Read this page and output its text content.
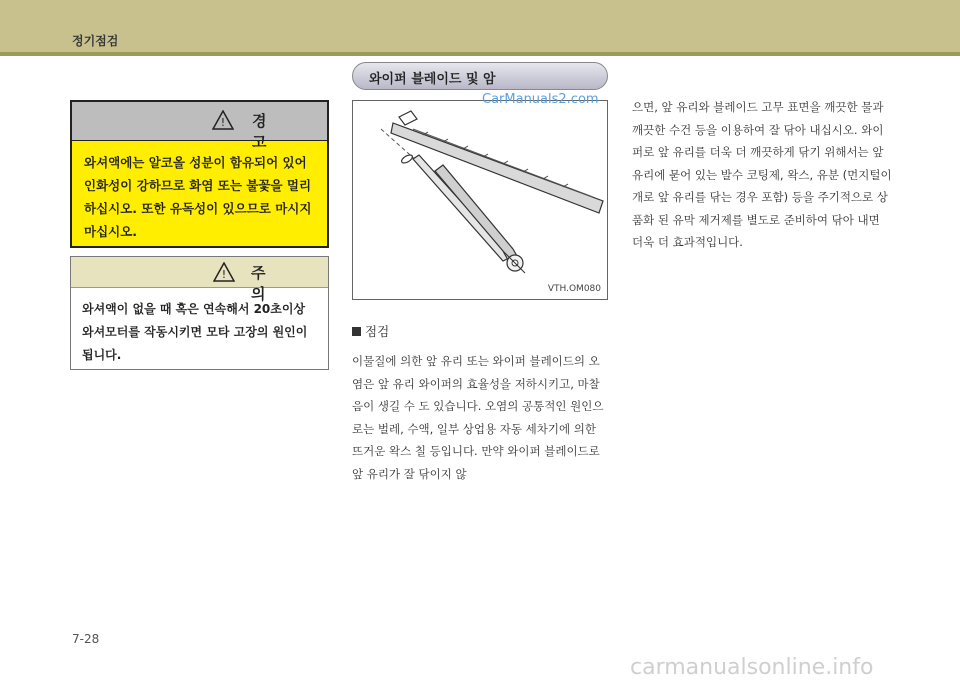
정기점검
! 경 고
와셔액에는 알코올 성분이 함유되어 있어 인화성이 강하므로 화염 또는 불꽃을 멀리 하십시오. 또한 유독성이 있으므로 마시지 마십시오.
! 주 의
와셔액이 없을 때 혹은 연속해서 20초이상 와셔모터를 작동시키면 모타 고장의 원인이 됩니다.
와이퍼 블레이드 및 암
VTH.OM080
CarManuals2.com
점검
이물질에 의한 앞 유리 또는 와이퍼 블레이드의 오염은 앞 유리 와이퍼의 효율성을 저하시키고, 마찰음이 생길 수 도 있습니다. 오염의 공통적인 원인으로는 벌레, 수액, 일부 상업용 자동 세차기에 의한 뜨거운 왁스 칠 등입니다. 만약 와이퍼 블레이드로 앞 유리가 잘 닦이지 않
으면, 앞 유리와 블레이드 고무 표면을 깨끗한 물과 깨끗한 수건 등을 이용하여 잘 닦아 내십시오. 와이퍼로 앞 유리를 더욱 더 깨끗하게 닦기 위해서는 앞 유리에 묻어 있는 발수 코팅제, 왁스, 유분 (먼지털이개로 앞 유리를 닦는 경우 포함) 등을 주기적으로 상품화 된 유막 제거제를 별도로 준비하여 닦아 내면 더욱 더 효과적입니다.
7-28
carmanualsonline.info
